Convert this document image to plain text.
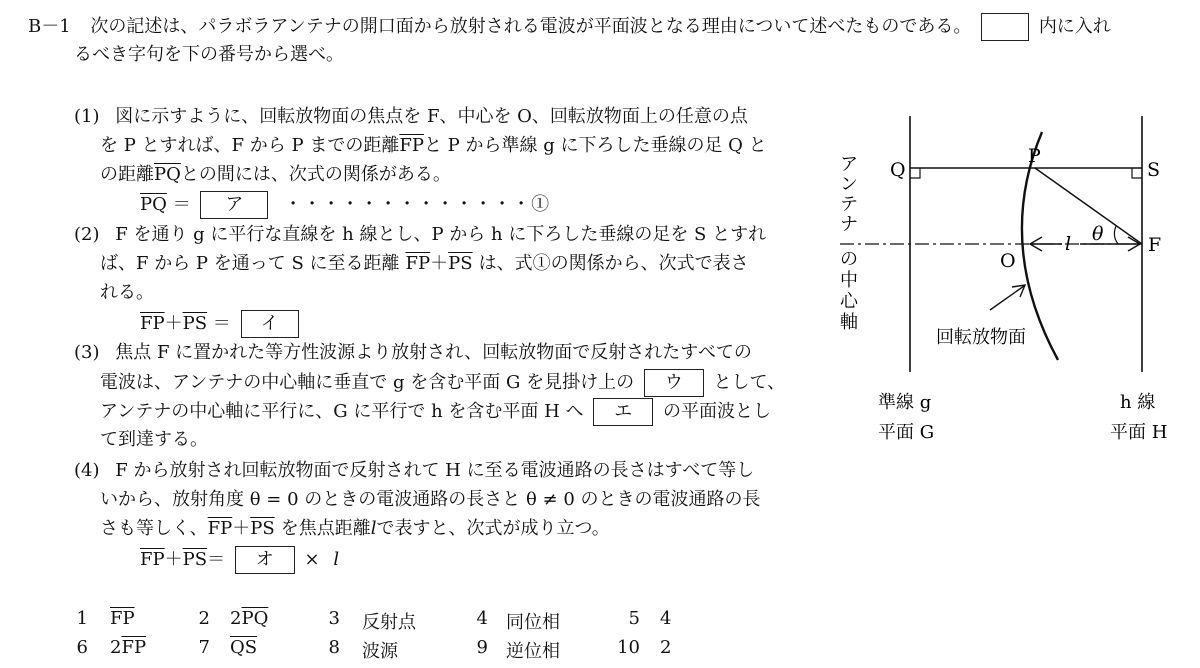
B－1 次の記述は、パラボラアンテナの開口面から放射される電波が平面波となる理由について述べたものである。	内に入れ
るべき字句を下の番号から選べ。
(1) 図に示すように、回転放物面の焦点を F、中心を O、回転放物面上の任意の点
を P とすれば、F から P までの距離$\overline{FP}$と P から準線 g に下ろした垂線の足 Q と
の距離$\overline{PQ}$との間には、次式の関係がある。
$\overline{PQ}$ ＝ ア ・・・・・・・・・・・・・①
(2) F を通り g に平行な直線を h 線とし、P から h に下ろした垂線の足を S とすれ
ば、F から P を通って S に至る距離 $\overline{FP}+\overline{PS}$ は、式①の関係から、次式で表さ
れる。
$\overline{FP}+\overline{PS}$ ＝ イ
(3) 焦点 F に置かれた等方性波源より放射され、回転放物面で反射されたすべての
電波は、アンテナの中心軸に垂直で g を含む平面 G を見掛け上の ウ として、
アンテナの中心軸に平行に、G に平行で h を含む平面 H へ エ の平面波とし
て到達する。
(4) F から放射され回転放物面で反射されて H に至る電波通路の長さはすべて等し
いから、放射角度 θ = 0 のときの電波通路の長さと θ ≠ 0 のときの電波通路の長
さも等しく、$\overline{FP}+\overline{PS}$ を焦点距離lで表すと、次式が成り立つ。
$\overline{FP}+\overline{PS}=$ オ × l
1 $\overline{FP}$	2 $2\overline{PQ}$	3 反射点	4 同位相	5 4
6 $2\overline{FP}$	7 $\overline{QS}$	8 波源	9 逆位相	10 2
Q
P
S
F
O
θ
l
ア
ン
テ
ナ
の
中
心
軸
回転放物面
準線 g
平面 G
h 線
平面 H
